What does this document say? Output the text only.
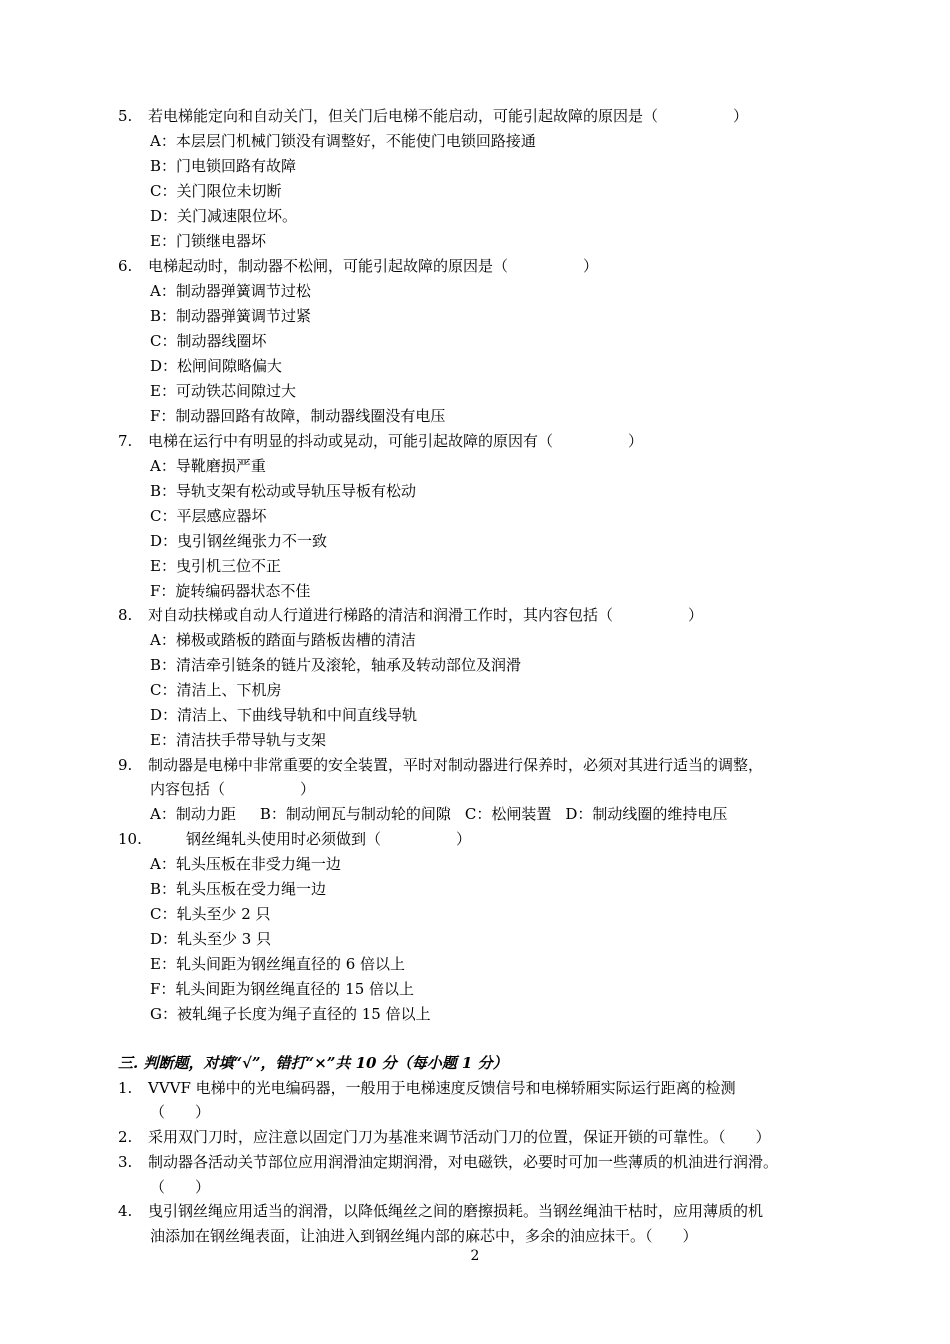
5. 若电梯能定向和自动关门，但关门后电梯不能启动，可能引起故障的原因是（　　　　　）
A：本层层门机械门锁没有调整好，不能使门电锁回路接通
B：门电锁回路有故障
C：关门限位未切断
D：关门减速限位坏。
E：门锁继电器坏
6. 电梯起动时，制动器不松闸，可能引起故障的原因是（　　　　　）
A：制动器弹簧调节过松
B：制动器弹簧调节过紧
C：制动器线圈坏
D：松闸间隙略偏大
E：可动铁芯间隙过大
F：制动器回路有故障，制动器线圈没有电压
7. 电梯在运行中有明显的抖动或晃动，可能引起故障的原因有（　　　　　）
A：导靴磨损严重
B：导轨支架有松动或导轨压导板有松动
C：平层感应器坏
D：曳引钢丝绳张力不一致
E：曳引机三位不正
F：旋转编码器状态不佳
8. 对自动扶梯或自动人行道进行梯路的清洁和润滑工作时，其内容包括（　　　　　）
A：梯极或踏板的踏面与踏板齿槽的清洁
B：清洁牵引链条的链片及滚轮，轴承及转动部位及润滑
C：清洁上、下机房
D：清洁上、下曲线导轨和中间直线导轨
E：清洁扶手带导轨与支架
9. 制动器是电梯中非常重要的安全装置，平时对制动器进行保养时，必须对其进行适当的调整，
内容包括（　　　　　）
A：制动力距 B：制动闸瓦与制动轮的间隙 C：松闸装置 D：制动线圈的维持电压
10.	钢丝绳轧头使用时必须做到（　　　　　）
A：轧头压板在非受力绳一边
B：轧头压板在受力绳一边
C：轧头至少 2 只
D：轧头至少 3 只
E：轧头间距为钢丝绳直径的 6 倍以上
F：轧头间距为钢丝绳直径的 15 倍以上
G：被轧绳子长度为绳子直径的 15 倍以上
三. 判断题，对填“√”，错打“×”共 10 分（每小题 1 分）
1. VVVF 电梯中的光电编码器，一般用于电梯速度反馈信号和电梯轿厢实际运行距离的检测
（　　）
2. 采用双门刀时，应注意以固定门刀为基准来调节活动门刀的位置，保证开锁的可靠性。（　　）
3. 制动器各活动关节部位应用润滑油定期润滑，对电磁铁，必要时可加一些薄质的机油进行润滑。
（　　）
4. 曳引钢丝绳应用适当的润滑，以降低绳丝之间的磨擦损耗。当钢丝绳油干枯时，应用薄质的机
油添加在钢丝绳表面，让油进入到钢丝绳内部的麻芯中，多余的油应抹干。（　　）
2
